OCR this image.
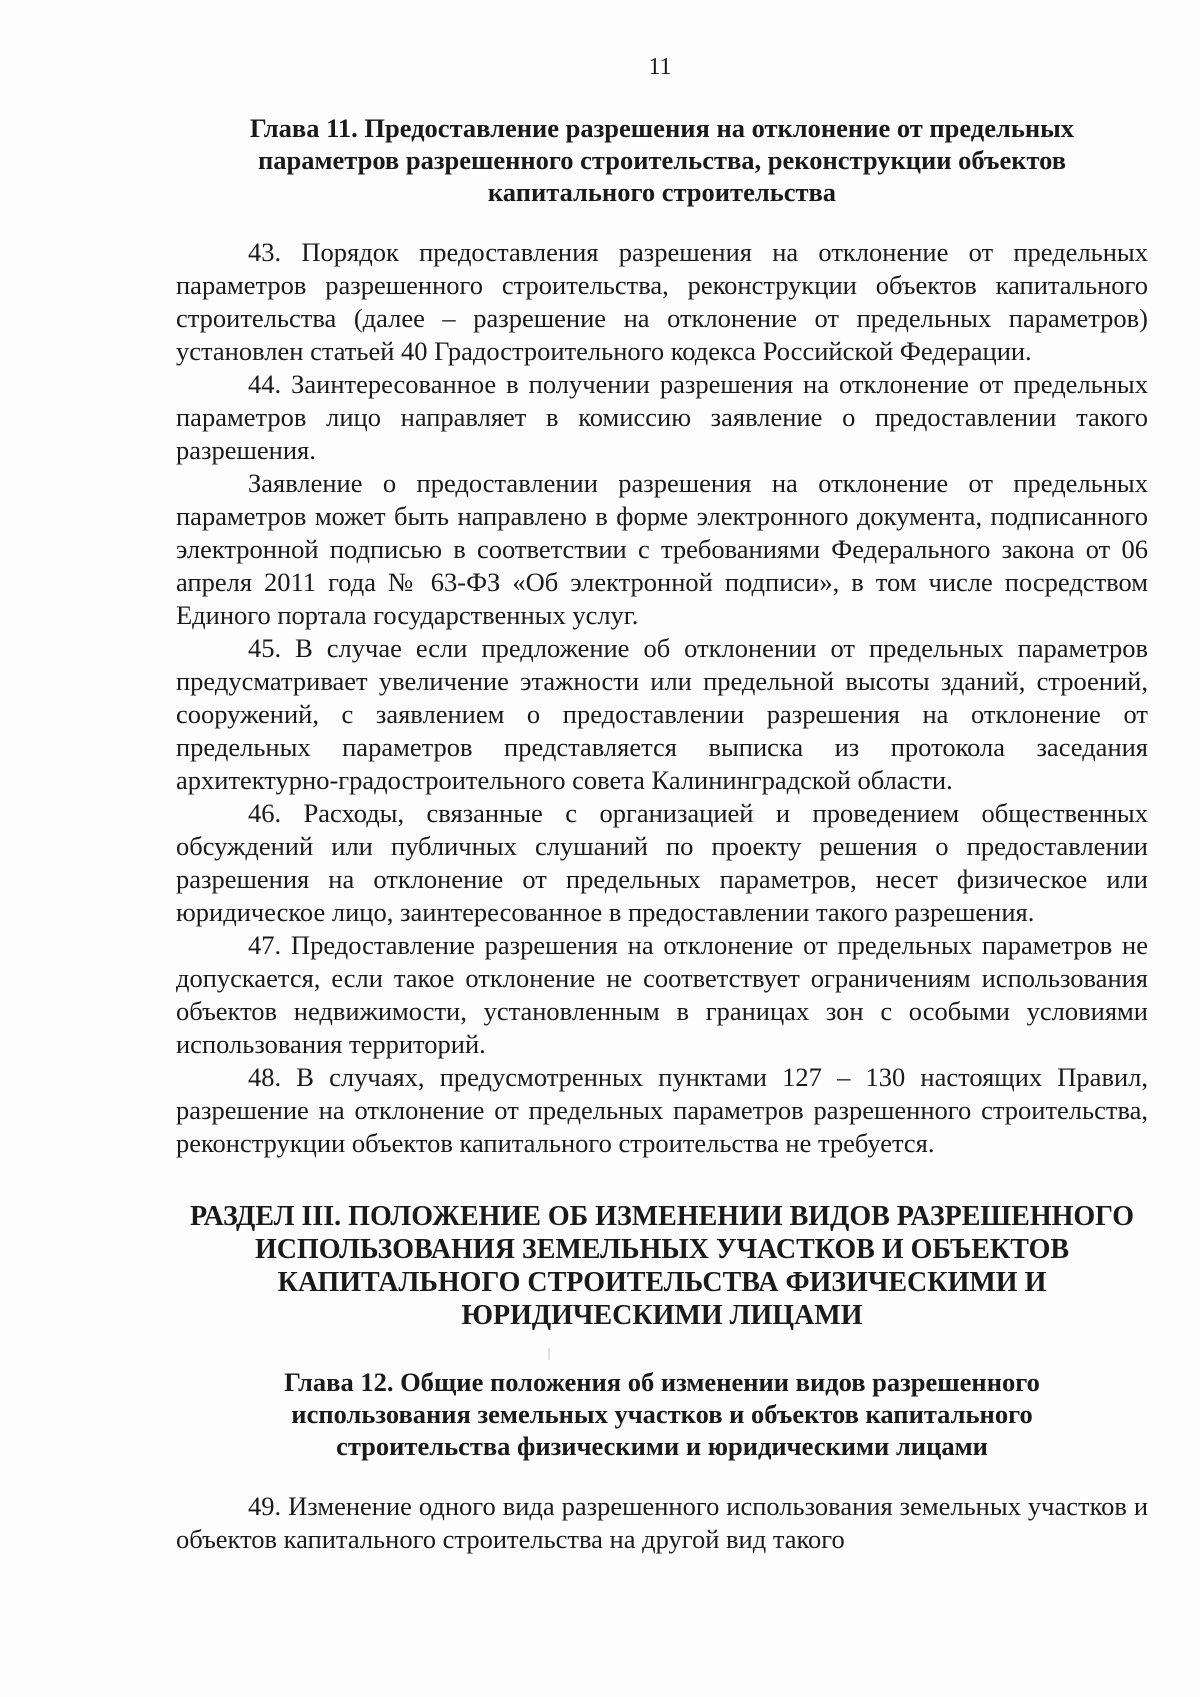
11
Глава 11. Предоставление разрешения на отклонение от предельных параметров разрешенного строительства, реконструкции объектов капитального строительства

43. Порядок предоставления разрешения на отклонение от предельных параметров разрешенного строительства, реконструкции объектов капитального строительства (далее – разрешение на отклонение от предельных параметров) установлен статьей 40 Градостроительного кодекса Российской Федерации.

44. Заинтересованное в получении разрешения на отклонение от предельных параметров лицо направляет в комиссию заявление о предоставлении такого разрешения.

Заявление о предоставлении разрешения на отклонение от предельных параметров может быть направлено в форме электронного документа, подписанного электронной подписью в соответствии с требованиями Федерального закона от 06 апреля 2011 года № 63-ФЗ «Об электронной подписи», в том числе посредством Единого портала государственных услуг.

45. В случае если предложение об отклонении от предельных параметров предусматривает увеличение этажности или предельной высоты зданий, строений, сооружений, с заявлением о предоставлении разрешения на отклонение от предельных параметров представляется выписка из протокола заседания архитектурно-градостроительного совета Калининградской области.

46. Расходы, связанные с организацией и проведением общественных обсуждений или публичных слушаний по проекту решения о предоставлении разрешения на отклонение от предельных параметров, несет физическое или юридическое лицо, заинтересованное в предоставлении такого разрешения.

47. Предоставление разрешения на отклонение от предельных параметров не допускается, если такое отклонение не соответствует ограничениям использования объектов недвижимости, установленным в границах зон с особыми условиями использования территорий.

48. В случаях, предусмотренных пунктами 127 – 130 настоящих Правил, разрешение на отклонение от предельных параметров разрешенного строительства, реконструкции объектов капитального строительства не требуется.

РАЗДЕЛ III. ПОЛОЖЕНИЕ ОБ ИЗМЕНЕНИИ ВИДОВ РАЗРЕШЕННОГО ИСПОЛЬЗОВАНИЯ ЗЕМЕЛЬНЫХ УЧАСТКОВ И ОБЪЕКТОВ КАПИТАЛЬНОГО СТРОИТЕЛЬСТВА ФИЗИЧЕСКИМИ И ЮРИДИЧЕСКИМИ ЛИЦАМИ
Глава 12. Общие положения об изменении видов разрешенного использования земельных участков и объектов капитального строительства физическими и юридическими лицами

49. Изменение одного вида разрешенного использования земельных участков и объектов капитального строительства на другой вид такого
